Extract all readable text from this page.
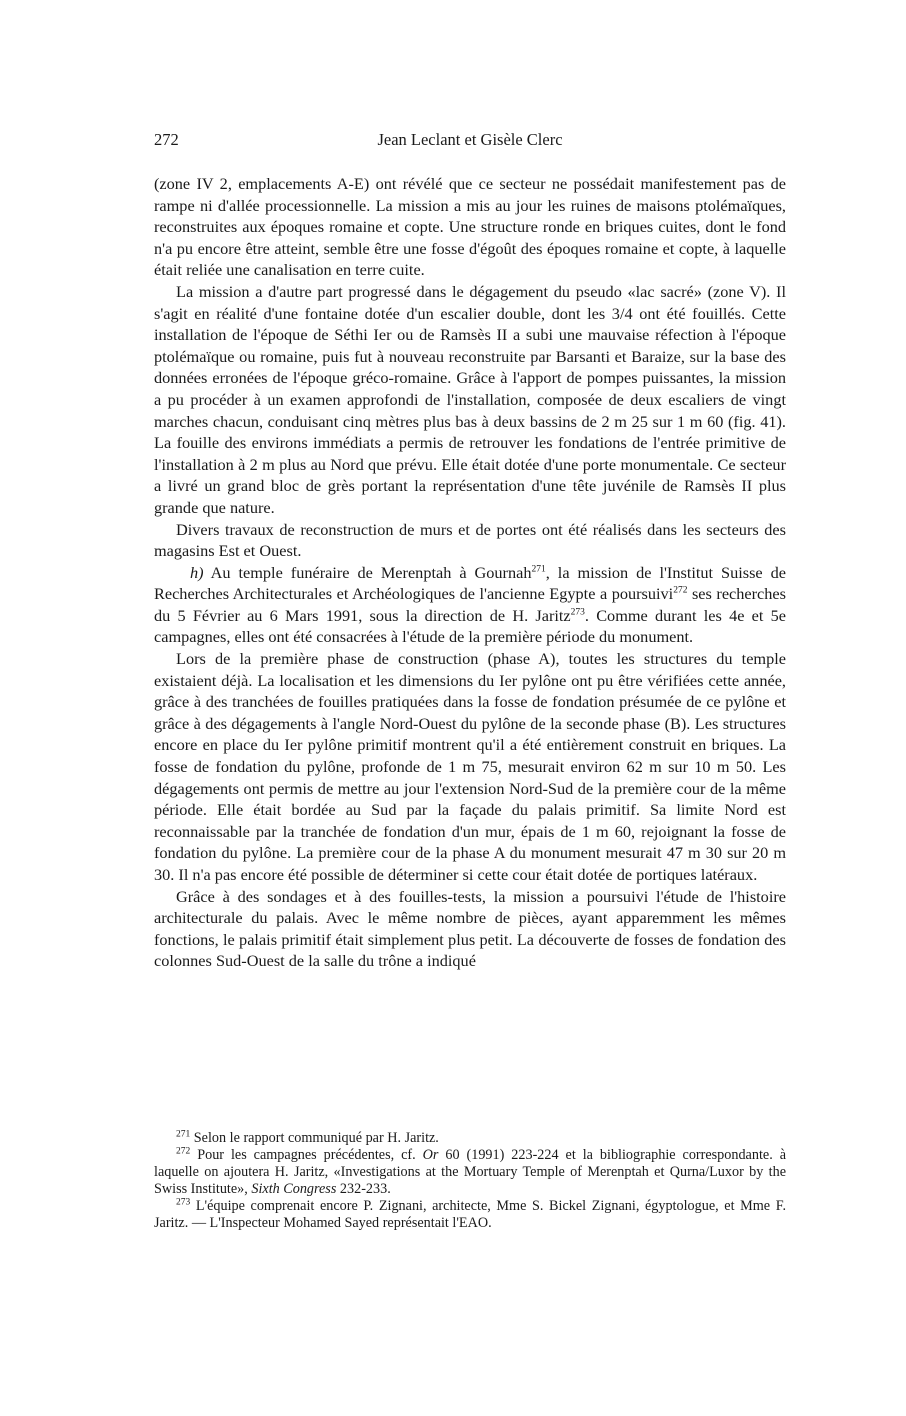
272	Jean Leclant et Gisèle Clerc

(zone IV 2, emplacements A-E) ont révélé que ce secteur ne possédait manifestement pas de rampe ni d'allée processionnelle. La mission a mis au jour les ruines de maisons ptolémaïques, reconstruites aux époques romaine et copte. Une structure ronde en briques cuites, dont le fond n'a pu encore être atteint, semble être une fosse d'égoût des époques romaine et copte, à laquelle était reliée une canalisation en terre cuite.

La mission a d'autre part progressé dans le dégagement du pseudo «lac sacré» (zone V). Il s'agit en réalité d'une fontaine dotée d'un escalier double, dont les 3/4 ont été fouillés. Cette installation de l'époque de Séthi Ier ou de Ramsès II a subi une mauvaise réfection à l'époque ptolémaïque ou romaine, puis fut à nouveau reconstruite par Barsanti et Baraize, sur la base des données erronées de l'époque gréco-romaine. Grâce à l'apport de pompes puissantes, la mission a pu procéder à un examen approfondi de l'installation, composée de deux escaliers de vingt marches chacun, conduisant cinq mètres plus bas à deux bassins de 2 m 25 sur 1 m 60 (fig. 41). La fouille des environs immédiats a permis de retrouver les fondations de l'entrée primitive de l'installation à 2 m plus au Nord que prévu. Elle était dotée d'une porte monumentale. Ce secteur a livré un grand bloc de grès portant la représentation d'une tête juvénile de Ramsès II plus grande que nature.

Divers travaux de reconstruction de murs et de portes ont été réalisés dans les secteurs des magasins Est et Ouest.

h) Au temple funéraire de Merenptah à Gournah$^{271}$, la mission de l'Institut Suisse de Recherches Architecturales et Archéologiques de l'ancienne Egypte a poursuivi$^{272}$ ses recherches du 5 Février au 6 Mars 1991, sous la direction de H. Jaritz$^{273}$. Comme durant les 4e et 5e campagnes, elles ont été consacrées à l'étude de la première période du monument.

Lors de la première phase de construction (phase A), toutes les structures du temple existaient déjà. La localisation et les dimensions du Ier pylône ont pu être vérifiées cette année, grâce à des tranchées de fouilles pratiquées dans la fosse de fondation présumée de ce pylône et grâce à des dégagements à l'angle Nord-Ouest du pylône de la seconde phase (B). Les structures encore en place du Ier pylône primitif montrent qu'il a été entièrement construit en briques. La fosse de fondation du pylône, profonde de 1 m 75, mesurait environ 62 m sur 10 m 50. Les dégagements ont permis de mettre au jour l'extension Nord-Sud de la première cour de la même période. Elle était bordée au Sud par la façade du palais primitif. Sa limite Nord est reconnaissable par la tranchée de fondation d'un mur, épais de 1 m 60, rejoignant la fosse de fondation du pylône. La première cour de la phase A du monument mesurait 47 m 30 sur 20 m 30. Il n'a pas encore été possible de déterminer si cette cour était dotée de portiques latéraux.

Grâce à des sondages et à des fouilles-tests, la mission a poursuivi l'étude de l'histoire architecturale du palais. Avec le même nombre de pièces, ayant apparemment les mêmes fonctions, le palais primitif était simplement plus petit. La découverte de fosses de fondation des colonnes Sud-Ouest de la salle du trône a indiqué

$^{271}$ Selon le rapport communiqué par H. Jaritz.

$^{272}$ Pour les campagnes précédentes, cf. Or 60 (1991) 223-224 et la bibliographie correspondante. à laquelle on ajoutera H. Jaritz, «Investigations at the Mortuary Temple of Merenptah et Qurna/Luxor by the Swiss Institute», Sixth Congress 232-233.

$^{273}$ L'équipe comprenait encore P. Zignani, architecte, Mme S. Bickel Zignani, égyptologue, et Mme F. Jaritz. — L'Inspecteur Mohamed Sayed représentait l'EAO.
